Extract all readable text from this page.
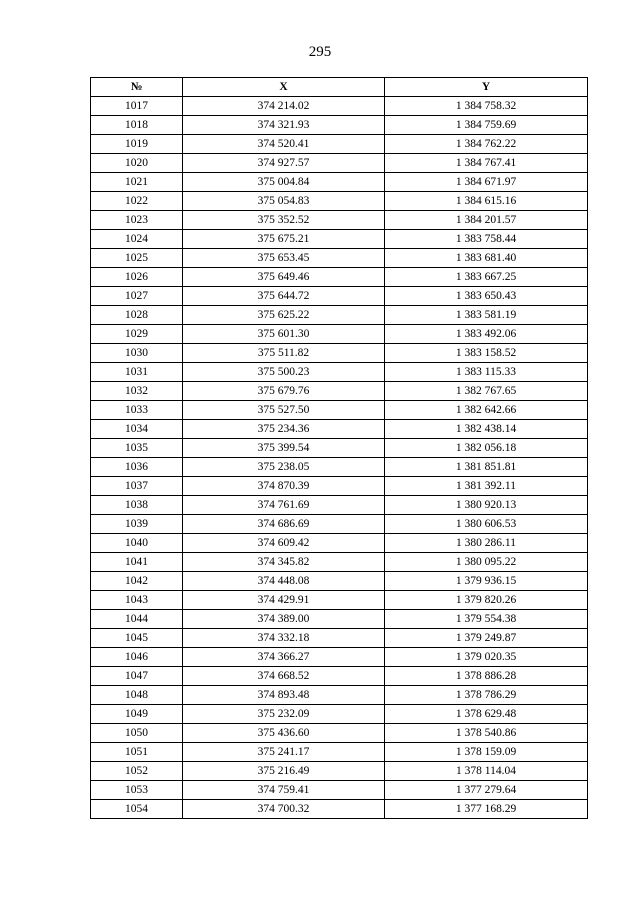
295
№	X	Y
1017	374 214.02	1 384 758.32
1018	374 321.93	1 384 759.69
1019	374 520.41	1 384 762.22
1020	374 927.57	1 384 767.41
1021	375 004.84	1 384 671.97
1022	375 054.83	1 384 615.16
1023	375 352.52	1 384 201.57
1024	375 675.21	1 383 758.44
1025	375 653.45	1 383 681.40
1026	375 649.46	1 383 667.25
1027	375 644.72	1 383 650.43
1028	375 625.22	1 383 581.19
1029	375 601.30	1 383 492.06
1030	375 511.82	1 383 158.52
1031	375 500.23	1 383 115.33
1032	375 679.76	1 382 767.65
1033	375 527.50	1 382 642.66
1034	375 234.36	1 382 438.14
1035	375 399.54	1 382 056.18
1036	375 238.05	1 381 851.81
1037	374 870.39	1 381 392.11
1038	374 761.69	1 380 920.13
1039	374 686.69	1 380 606.53
1040	374 609.42	1 380 286.11
1041	374 345.82	1 380 095.22
1042	374 448.08	1 379 936.15
1043	374 429.91	1 379 820.26
1044	374 389.00	1 379 554.38
1045	374 332.18	1 379 249.87
1046	374 366.27	1 379 020.35
1047	374 668.52	1 378 886.28
1048	374 893.48	1 378 786.29
1049	375 232.09	1 378 629.48
1050	375 436.60	1 378 540.86
1051	375 241.17	1 378 159.09
1052	375 216.49	1 378 114.04
1053	374 759.41	1 377 279.64
1054	374 700.32	1 377 168.29
